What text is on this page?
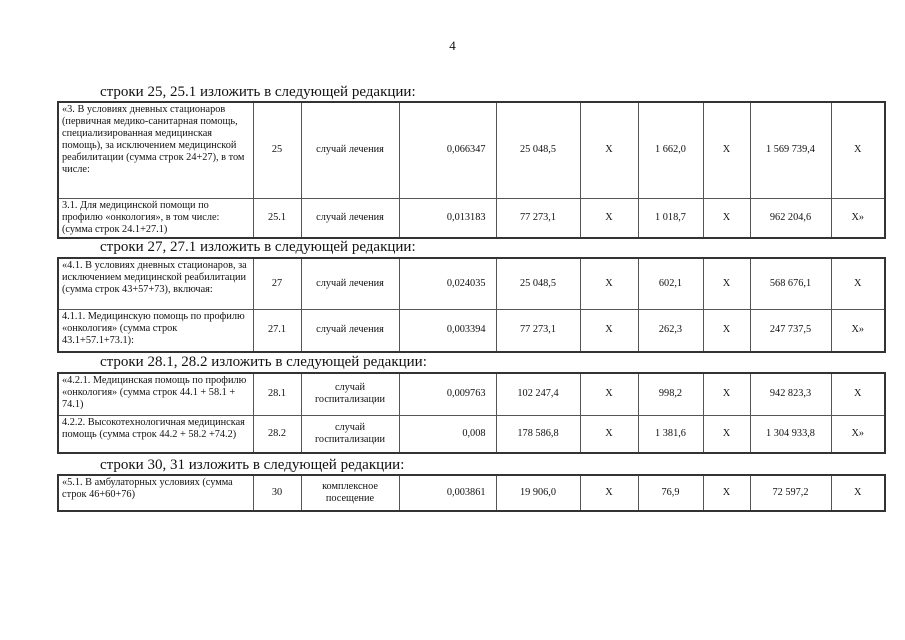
4
строки 25, 25.1 изложить в следующей редакции:
«3. В условиях дневных стационаров (первичная медико-санитарная помощь, специализированная медицинская помощь), за исключением медицинской реабилитации (сумма строк 24+27), в том числе:	25	случай лечения	0,066347	25 048,5	Х	1 662,0	Х	1 569 739,4	Х
3.1. Для медицинской помощи по профилю «онкология», в том числе: (сумма строк 24.1+27.1)	25.1	случай лечения	0,013183	77 273,1	Х	1 018,7	Х	962 204,6	Х»
строки 27, 27.1 изложить в следующей редакции:
«4.1. В условиях дневных стационаров, за исключением медицинской реабилитации (сумма строк 43+57+73), включая:	27	случай лечения	0,024035	25 048,5	Х	602,1	Х	568 676,1	Х
4.1.1. Медицинскую помощь по профилю «онкология» (сумма строк 43.1+57.1+73.1):	27.1	случай лечения	0,003394	77 273,1	Х	262,3	Х	247 737,5	Х»
строки 28.1, 28.2 изложить в следующей редакции:
«4.2.1. Медицинская помощь по профилю «онкология» (сумма строк 44.1 + 58.1 + 74.1)	28.1	случай госпитализации	0,009763	102 247,4	Х	998,2	Х	942 823,3	Х
4.2.2. Высокотехнологичная медицинская помощь (сумма строк 44.2 + 58.2 +74.2)	28.2	случай госпитализации	0,008	178 586,8	Х	1 381,6	Х	1 304 933,8	Х»
строки 30, 31 изложить в следующей редакции:
«5.1. В амбулаторных условиях (сумма строк 46+60+76)	30	комплексное посещение	0,003861	19 906,0	Х	76,9	Х	72 597,2	Х
